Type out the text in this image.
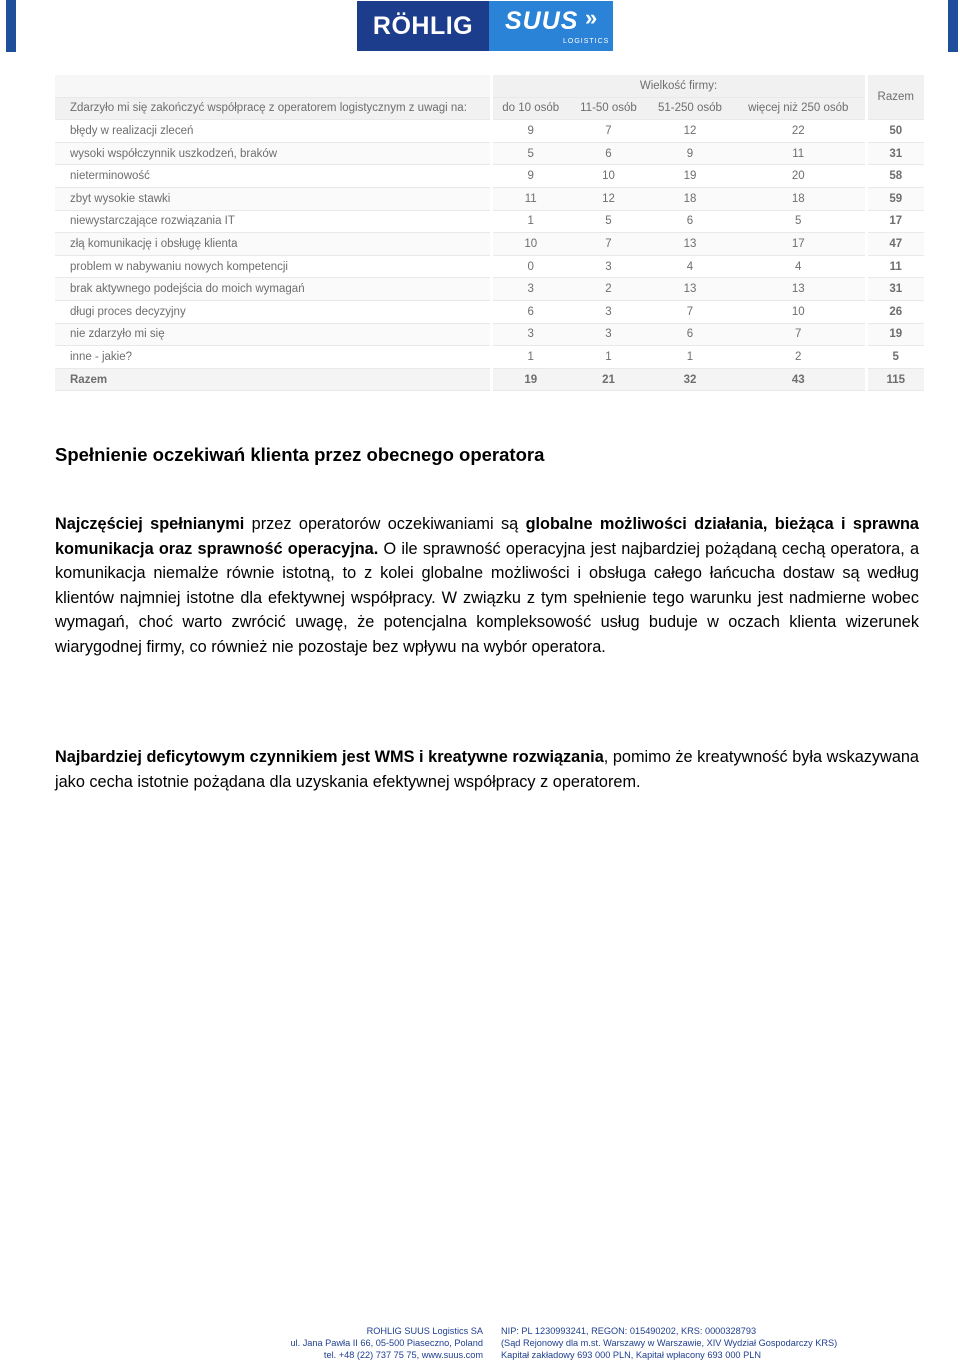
RÖHLIG	SUUS »
LOGISTICS
	Wielkość firmy:				Razem
Zdarzyło mi się zakończyć współpracę z operatorem logistycznym z uwagi na:	do 10 osób	11-50 osób	51-250 osób	więcej niż 250 osób	
błędy w realizacji zleceń	9	7	12	22	50
wysoki współczynnik uszkodzeń, braków	5	6	9	11	31
nieterminowość	9	10	19	20	58
zbyt wysokie stawki	11	12	18	18	59
niewystarczające rozwiązania IT	1	5	6	5	17
złą komunikację i obsługę klienta	10	7	13	17	47
problem w nabywaniu nowych kompetencji	0	3	4	4	11
brak aktywnego podejścia do moich wymagań	3	2	13	13	31
długi proces decyzyjny	6	3	7	10	26
nie zdarzyło mi się	3	3	6	7	19
inne - jakie?	1	1	1	2	5
Razem	19	21	32	43	115
Spełnienie oczekiwań klienta przez obecnego operatora

Najczęściej spełnianymi przez operatorów oczekiwaniami są globalne możliwości działania, bieżąca i sprawna komunikacja oraz sprawność operacyjna. O ile sprawność operacyjna jest najbardziej pożądaną cechą operatora, a komunikacja niemalże równie istotną, to z kolei globalne możliwości i obsługa całego łańcucha dostaw są według klientów najmniej istotne dla efektywnej współpracy. W związku z tym spełnienie tego warunku jest nadmierne wobec wymagań, choć warto zwrócić uwagę, że potencjalna kompleksowość usług buduje w oczach klienta wizerunek wiarygodnej firmy, co również nie pozostaje bez wpływu na wybór operatora.

Najbardziej deficytowym czynnikiem jest WMS i kreatywne rozwiązania, pomimo że kreatywność była wskazywana jako cecha istotnie pożądana dla uzyskania efektywnej współpracy z operatorem.

ROHLIG SUUS Logistics SA
ul. Jana Pawła II 66, 05-500 Piaseczno, Poland
tel. +48 (22) 737 75 75, www.suus.com
NIP: PL 1230993241, REGON: 015490202, KRS: 0000328793
(Sąd Rejonowy dla m.st. Warszawy w Warszawie, XIV Wydział Gospodarczy KRS)
Kapitał zakładowy 693 000 PLN, Kapitał wpłacony 693 000 PLN
